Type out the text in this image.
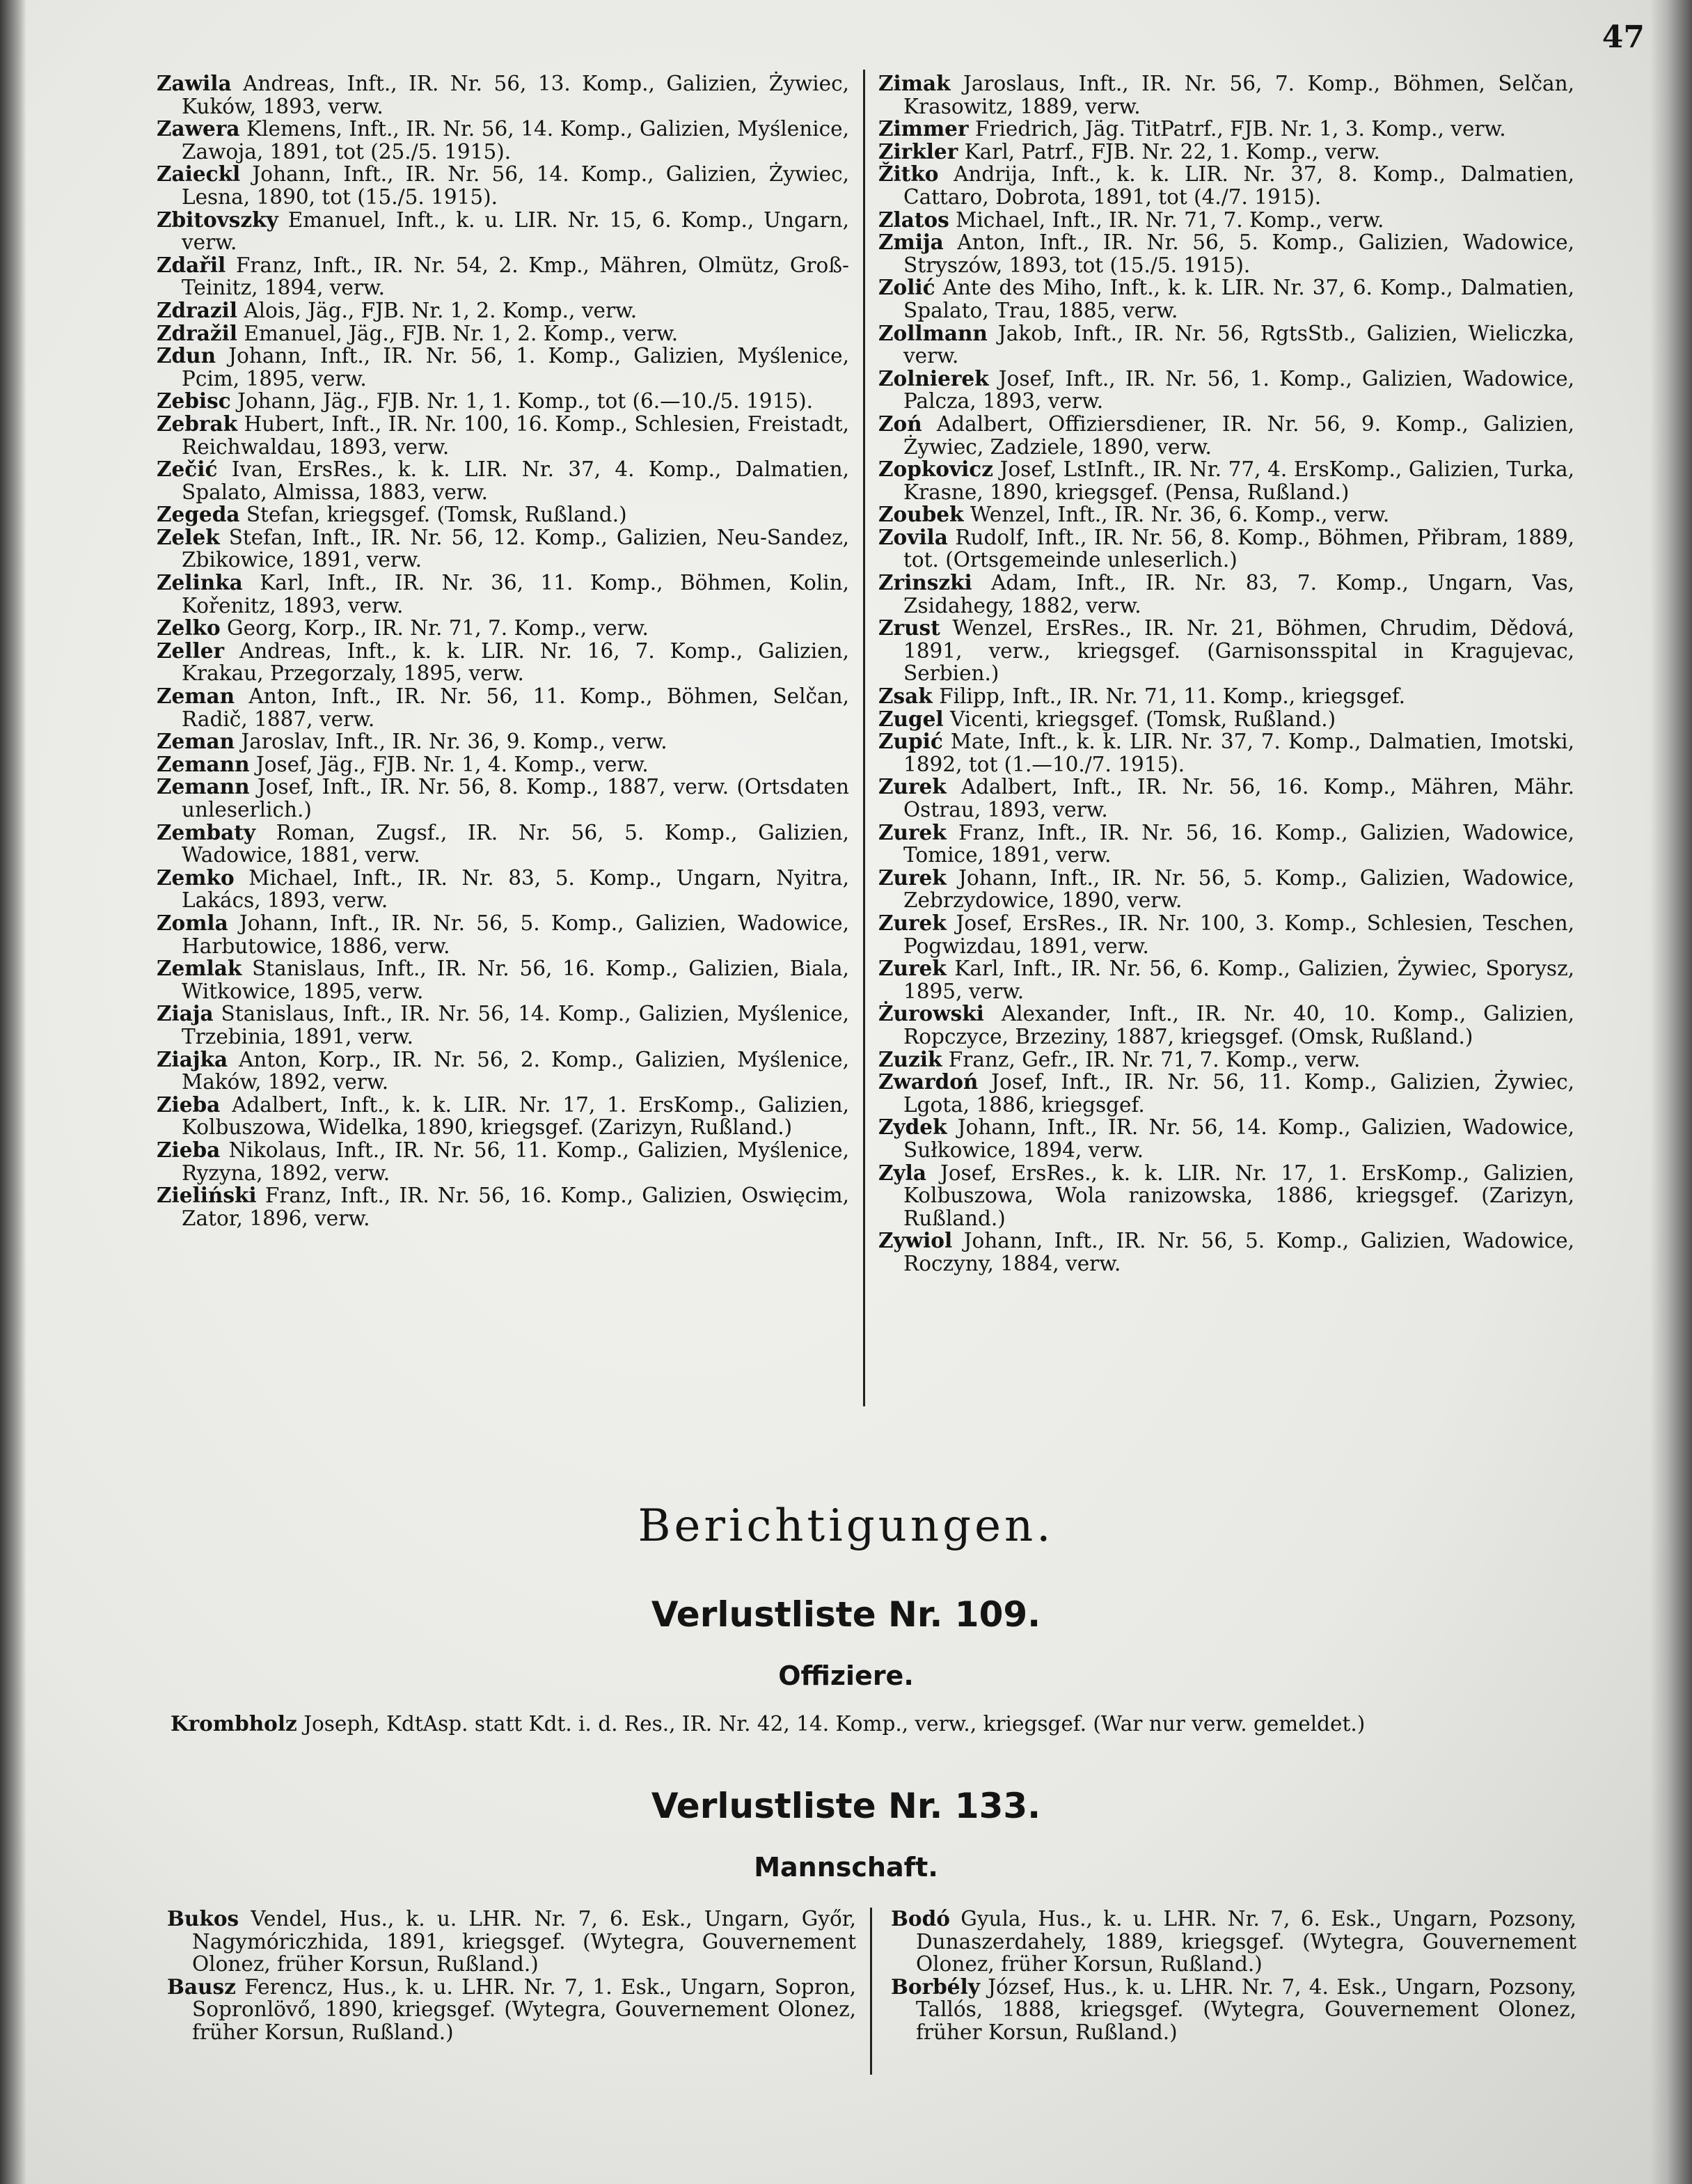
47

Zawila Andreas, Inft., IR. Nr. 56, 13. Komp., Galizien, Żywiec, Kuków, 1893, verw.

Zawera Klemens, Inft., IR. Nr. 56, 14. Komp., Galizien, Myślenice, Zawoja, 1891, tot (25./5. 1915).

Zaieckl Johann, Inft., IR. Nr. 56, 14. Komp., Galizien, Żywiec, Lesna, 1890, tot (15./5. 1915).

Zbitovszky Emanuel, Inft., k. u. LIR. Nr. 15, 6. Komp., Ungarn, verw.

Zdařil Franz, Inft., IR. Nr. 54, 2. Kmp., Mähren, Olmütz, Groß-Teinitz, 1894, verw.

Zdrazil Alois, Jäg., FJB. Nr. 1, 2. Komp., verw.

Zdražil Emanuel, Jäg., FJB. Nr. 1, 2. Komp., verw.

Zdun Johann, Inft., IR. Nr. 56, 1. Komp., Galizien, Myślenice, Pcim, 1895, verw.

Zebisc Johann, Jäg., FJB. Nr. 1, 1. Komp., tot (6.—10./5. 1915).

Zebrak Hubert, Inft., IR. Nr. 100, 16. Komp., Schlesien, Freistadt, Reichwaldau, 1893, verw.

Zečić Ivan, ErsRes., k. k. LIR. Nr. 37, 4. Komp., Dalmatien, Spalato, Almissa, 1883, verw.

Zegeda Stefan, kriegsgef. (Tomsk, Rußland.)

Zelek Stefan, Inft., IR. Nr. 56, 12. Komp., Galizien, Neu-Sandez, Zbikowice, 1891, verw.

Zelinka Karl, Inft., IR. Nr. 36, 11. Komp., Böhmen, Kolin, Kořenitz, 1893, verw.

Zelko Georg, Korp., IR. Nr. 71, 7. Komp., verw.

Zeller Andreas, Inft., k. k. LIR. Nr. 16, 7. Komp., Galizien, Krakau, Przegorzaly, 1895, verw.

Zeman Anton, Inft., IR. Nr. 56, 11. Komp., Böhmen, Selčan, Radič, 1887, verw.

Zeman Jaroslav, Inft., IR. Nr. 36, 9. Komp., verw.

Zemann Josef, Jäg., FJB. Nr. 1, 4. Komp., verw.

Zemann Josef, Inft., IR. Nr. 56, 8. Komp., 1887, verw. (Ortsdaten unleserlich.)

Zembaty Roman, Zugsf., IR. Nr. 56, 5. Komp., Galizien, Wadowice, 1881, verw.

Zemko Michael, Inft., IR. Nr. 83, 5. Komp., Ungarn, Nyitra, Lakács, 1893, verw.

Zomla Johann, Inft., IR. Nr. 56, 5. Komp., Galizien, Wadowice, Harbutowice, 1886, verw.

Zemlak Stanislaus, Inft., IR. Nr. 56, 16. Komp., Galizien, Biala, Witkowice, 1895, verw.

Ziaja Stanislaus, Inft., IR. Nr. 56, 14. Komp., Galizien, Myślenice, Trzebinia, 1891, verw.

Ziajka Anton, Korp., IR. Nr. 56, 2. Komp., Galizien, Myślenice, Maków, 1892, verw.

Zieba Adalbert, Inft., k. k. LIR. Nr. 17, 1. ErsKomp., Galizien, Kolbuszowa, Widelka, 1890, kriegsgef. (Zarizyn, Rußland.)

Zieba Nikolaus, Inft., IR. Nr. 56, 11. Komp., Galizien, Myślenice, Ryzyna, 1892, verw.

Zieliński Franz, Inft., IR. Nr. 56, 16. Komp., Galizien, Oswięcim, Zator, 1896, verw.

Zimak Jaroslaus, Inft., IR. Nr. 56, 7. Komp., Böhmen, Selčan, Krasowitz, 1889, verw.

Zimmer Friedrich, Jäg. TitPatrf., FJB. Nr. 1, 3. Komp., verw.

Zirkler Karl, Patrf., FJB. Nr. 22, 1. Komp., verw.

Žitko Andrija, Inft., k. k. LIR. Nr. 37, 8. Komp., Dalmatien, Cattaro, Dobrota, 1891, tot (4./7. 1915).

Zlatos Michael, Inft., IR. Nr. 71, 7. Komp., verw.

Zmija Anton, Inft., IR. Nr. 56, 5. Komp., Galizien, Wadowice, Stryszów, 1893, tot (15./5. 1915).

Zolić Ante des Miho, Inft., k. k. LIR. Nr. 37, 6. Komp., Dalmatien, Spalato, Trau, 1885, verw.

Zollmann Jakob, Inft., IR. Nr. 56, RgtsStb., Galizien, Wieliczka, verw.

Zolnierek Josef, Inft., IR. Nr. 56, 1. Komp., Galizien, Wadowice, Palcza, 1893, verw.

Zoń Adalbert, Offiziersdiener, IR. Nr. 56, 9. Komp., Galizien, Żywiec, Zadziele, 1890, verw.

Zopkovicz Josef, LstInft., IR. Nr. 77, 4. ErsKomp., Galizien, Turka, Krasne, 1890, kriegsgef. (Pensa, Rußland.)

Zoubek Wenzel, Inft., IR. Nr. 36, 6. Komp., verw.

Zovila Rudolf, Inft., IR. Nr. 56, 8. Komp., Böhmen, Přibram, 1889, tot. (Ortsgemeinde unleserlich.)

Zrinszki Adam, Inft., IR. Nr. 83, 7. Komp., Ungarn, Vas, Zsidahegy, 1882, verw.

Zrust Wenzel, ErsRes., IR. Nr. 21, Böhmen, Chrudim, Dědová, 1891, verw., kriegsgef. (Garnisonsspital in Kragujevac, Serbien.)

Zsak Filipp, Inft., IR. Nr. 71, 11. Komp., kriegsgef.

Zugel Vicenti, kriegsgef. (Tomsk, Rußland.)

Zupić Mate, Inft., k. k. LIR. Nr. 37, 7. Komp., Dalmatien, Imotski, 1892, tot (1.—10./7. 1915).

Zurek Adalbert, Inft., IR. Nr. 56, 16. Komp., Mähren, Mähr. Ostrau, 1893, verw.

Zurek Franz, Inft., IR. Nr. 56, 16. Komp., Galizien, Wadowice, Tomice, 1891, verw.

Zurek Johann, Inft., IR. Nr. 56, 5. Komp., Galizien, Wadowice, Zebrzydowice, 1890, verw.

Zurek Josef, ErsRes., IR. Nr. 100, 3. Komp., Schlesien, Teschen, Pogwizdau, 1891, verw.

Zurek Karl, Inft., IR. Nr. 56, 6. Komp., Galizien, Żywiec, Sporysz, 1895, verw.

Żurowski Alexander, Inft., IR. Nr. 40, 10. Komp., Galizien, Ropczyce, Brzeziny, 1887, kriegsgef. (Omsk, Rußland.)

Zuzik Franz, Gefr., IR. Nr. 71, 7. Komp., verw.

Zwardoń Josef, Inft., IR. Nr. 56, 11. Komp., Galizien, Żywiec, Lgota, 1886, kriegsgef.

Zydek Johann, Inft., IR. Nr. 56, 14. Komp., Galizien, Wadowice, Sułkowice, 1894, verw.

Zyla Josef, ErsRes., k. k. LIR. Nr. 17, 1. ErsKomp., Galizien, Kolbuszowa, Wola ranizowska, 1886, kriegsgef. (Zarizyn, Rußland.)

Zywiol Johann, Inft., IR. Nr. 56, 5. Komp., Galizien, Wadowice, Roczyny, 1884, verw.

Berichtigungen.
Verlustliste Nr. 109.
Offiziere.
Krombholz Joseph, KdtAsp. statt Kdt. i. d. Res., IR. Nr. 42, 14. Komp., verw., kriegsgef. (War nur verw. gemeldet.)
Verlustliste Nr. 133.
Mannschaft.

Bukos Vendel, Hus., k. u. LHR. Nr. 7, 6. Esk., Ungarn, Győr, Nagymóriczhida, 1891, kriegsgef. (Wytegra, Gouvernement Olonez, früher Korsun, Rußland.)

Bausz Ferencz, Hus., k. u. LHR. Nr. 7, 1. Esk., Ungarn, Sopron, Sopronlövő, 1890, kriegsgef. (Wytegra, Gouvernement Olonez, früher Korsun, Rußland.)

Bodó Gyula, Hus., k. u. LHR. Nr. 7, 6. Esk., Ungarn, Pozsony, Dunaszerdahely, 1889, kriegsgef. (Wytegra, Gouvernement Olonez, früher Korsun, Rußland.)

Borbély József, Hus., k. u. LHR. Nr. 7, 4. Esk., Ungarn, Pozsony, Tallós, 1888, kriegsgef. (Wytegra, Gouvernement Olonez, früher Korsun, Rußland.)
